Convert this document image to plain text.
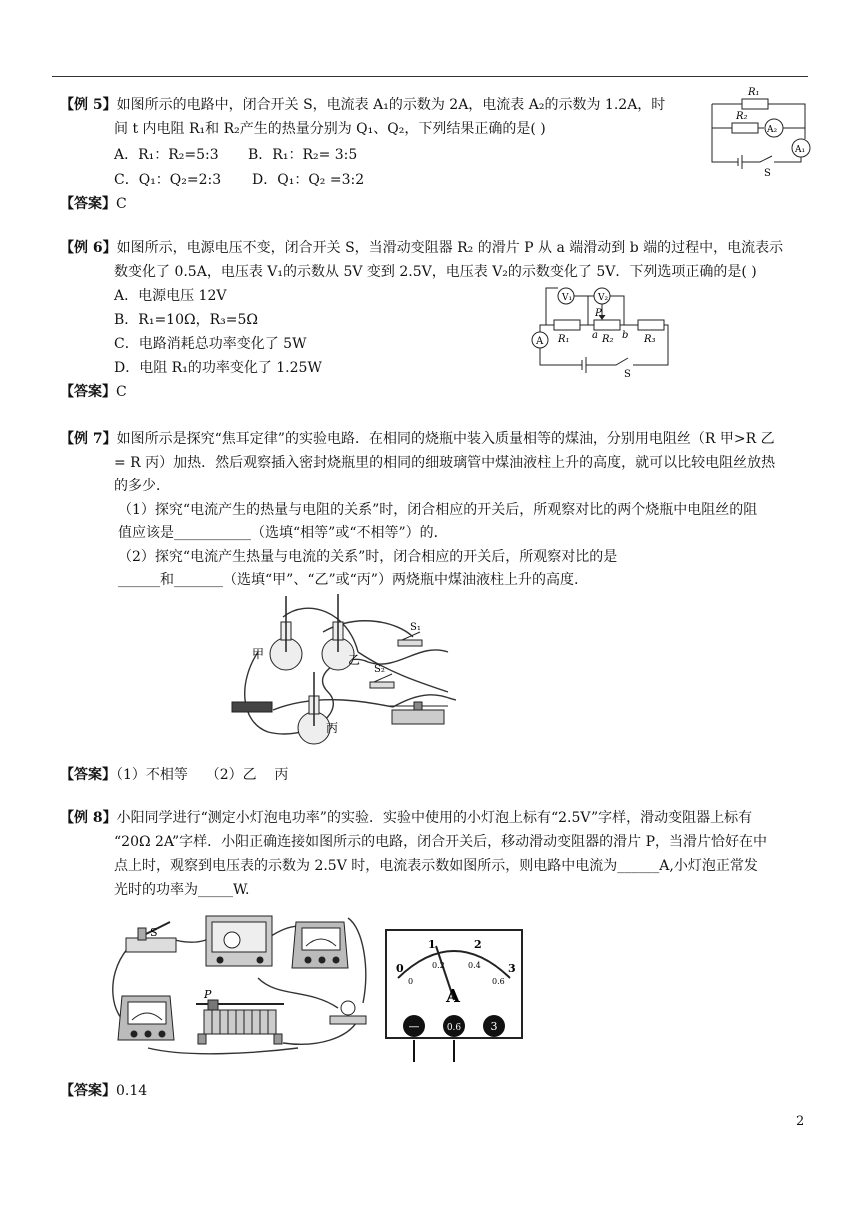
【例 5】如图所示的电路中，闭合开关 S，电流表 A₁的示数为 2A，电流表 A₂的示数为 1.2A，时
间 t 内电阻 R₁和 R₂产生的热量分别为 Q₁、Q₂，下列结果正确的是( )
A．R₁：R₂=5:3 B．R₁：R₂= 3:5
C．Q₁：Q₂=2:3 D．Q₁：Q₂ =3:2
【答案】C
R₁
R₂
A₂
A₁
S
【例 6】如图所示，电源电压不变，闭合开关 S，当滑动变阻器 R₂ 的滑片 P 从 a 端滑动到 b 端的过程中，电流表示
数变化了 0.5A，电压表 V₁的示数从 5V 变到 2.5V，电压表 V₂的示数变化了 5V．下列选项正确的是( )
A．电源电压 12V
B．R₁=10Ω，R₃=5Ω
C．电路消耗总功率变化了 5W
D．电阻 R₁的功率变化了 1.25W
【答案】C
V₁	V₂
P
A R₁ a R₂ b R₃
S
【例 7】如图所示是探究“焦耳定律”的实验电路．在相同的烧瓶中装入质量相等的煤油，分别用电阻丝（R 甲>R 乙
= R 丙）加热．然后观察插入密封烧瓶里的相同的细玻璃管中煤油液柱上升的高度，就可以比较电阻丝放热
的多少．
（1）探究“电流产生的热量与电阻的关系”时，闭合相应的开关后，所观察对比的两个烧瓶中电阻丝的阻
值应该是___________（选填“相等”或“不相等”）的．
（2）探究“电流产生热量与电流的关系”时，闭合相应的开关后，所观察对比的是
______和_______（选填“甲”、“乙”或“丙”）两烧瓶中煤油液柱上升的高度.
甲	乙
丙
S₁
S₂
【答案】（1）不相等    （2）乙    丙
【例 8】小阳同学进行“测定小灯泡电功率”的实验．实验中使用的小灯泡上标有“2.5V”字样，滑动变阻器上标有
“20Ω 2A”字样．小阳正确连接如图所示的电路，闭合开关后，移动滑动变阻器的滑片 P，当滑片恰好在中
点上时，观察到电压表的示数为 2.5V 时，电流表示数如图所示，则电路中电流为______A,小灯泡正常发
光时的功率为_____W.
S
P
0
1	2
3
0
0.2	0.4
0.6
A
—	0.6	3
【答案】0.14
2
